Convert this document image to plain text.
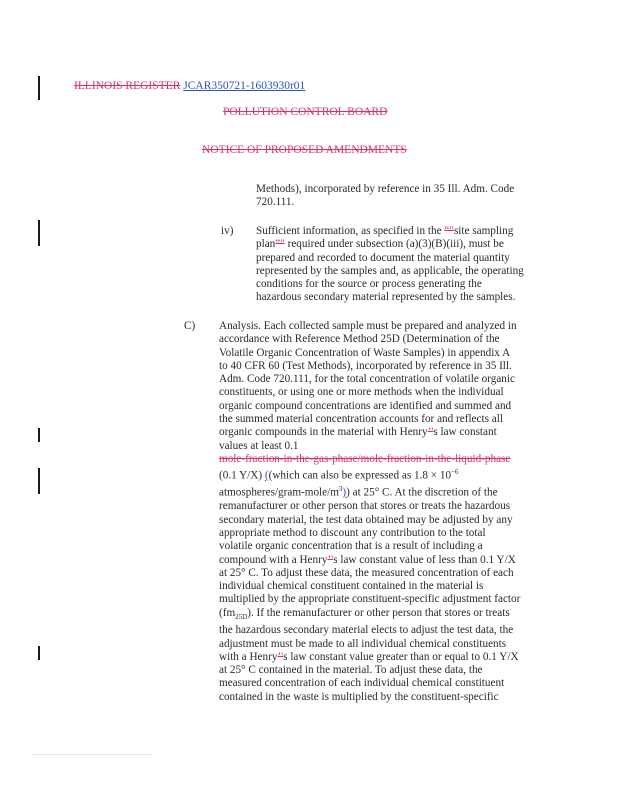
ILLINOIS REGISTER JCAR350721-1603930r01
POLLUTION CONTROL BOARD
NOTICE OF PROPOSED AMENDMENTS

Methods), incorporated by reference in 35 Ill. Adm. Code

720.111.

iv) Sufficient information, as specified in the “"site sampling

plan”" required under subsection (a)(3)(B)(iii), must be

prepared and recorded to document the material quantity

represented by the samples and, as applicable, the operating

conditions for the source or process generating the

hazardous secondary material represented by the samples.

C) Analysis. Each collected sample must be prepared and analyzed in

accordance with Reference Method 25D (Determination of the

Volatile Organic Concentration of Waste Samples) in appendix A

to 40 CFR 60 (Test Methods), incorporated by reference in 35 Ill.

Adm. Code 720.111, for the total concentration of volatile organic

constituents, or using one or more methods when the individual

organic compound concentrations are identified and summed and

the summed material concentration accounts for and reflects all

organic compounds in the material with Henry’'s law constant

values at least 0.1

mole-fraction-in-the-gas-phase/mole-fraction-in-the-liquid-phase

(0.1 Y/X) ((which can also be expressed as $1.8 \times 10^{-6}$

atmospheres/$gram-mole/m^3$)) at 25° C. At the discretion of the

remanufacturer or other person that stores or treats the hazardous

secondary material, the test data obtained may be adjusted by any

appropriate method to discount any contribution to the total

volatile organic concentration that is a result of including a

compound with a Henry’'s law constant value of less than 0.1 Y/X

at 25° C. To adjust these data, the measured concentration of each

individual chemical constituent contained in the material is

multiplied by the appropriate constituent-specific adjustment factor

$(fm_{25D})$. If the remanufacturer or other person that stores or treats

the hazardous secondary material elects to adjust the test data, the

adjustment must be made to all individual chemical constituents

with a Henry’'s law constant value greater than or equal to 0.1 Y/X

at 25° C contained in the material. To adjust these data, the

measured concentration of each individual chemical constituent

contained in the waste is multiplied by the constituent-specific
